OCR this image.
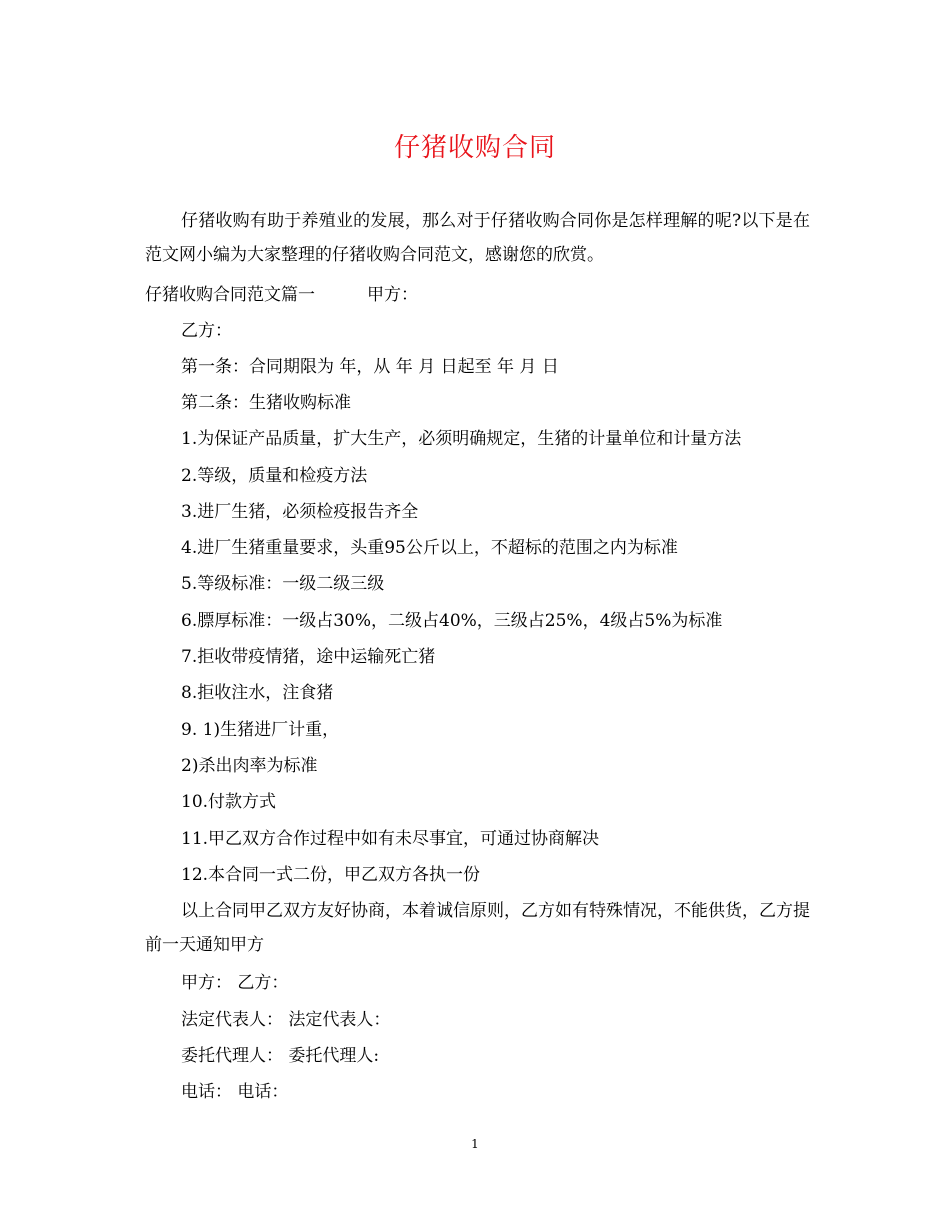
仔猪收购合同
仔猪收购有助于养殖业的发展，那么对于仔猪收购合同你是怎样理解的呢?以下是在范文网小编为大家整理的仔猪收购合同范文，感谢您的欣赏。
仔猪收购合同范文篇一	甲方：
乙方：
第一条：合同期限为 年，从 年 月 日起至 年 月 日
第二条：生猪收购标准
1.为保证产品质量，扩大生产，必须明确规定，生猪的计量单位和计量方法
2.等级，质量和检疫方法
3.进厂生猪，必须检疫报告齐全
4.进厂生猪重量要求，头重95公斤以上，不超标的范围之内为标准
5.等级标准：一级二级三级
6.膘厚标准：一级占30%，二级占40%，三级占25%，4级占5%为标准
7.拒收带疫情猪，途中运输死亡猪
8.拒收注水，注食猪
9. 1)生猪进厂计重，
2)杀出肉率为标准
10.付款方式
11.甲乙双方合作过程中如有未尽事宜，可通过协商解决
12.本合同一式二份，甲乙双方各执一份
以上合同甲乙双方友好协商，本着诚信原则，乙方如有特殊情况，不能供货，乙方提前一天通知甲方
甲方： 乙方：
法定代表人： 法定代表人：
委托代理人： 委托代理人:
电话： 电话：
1
